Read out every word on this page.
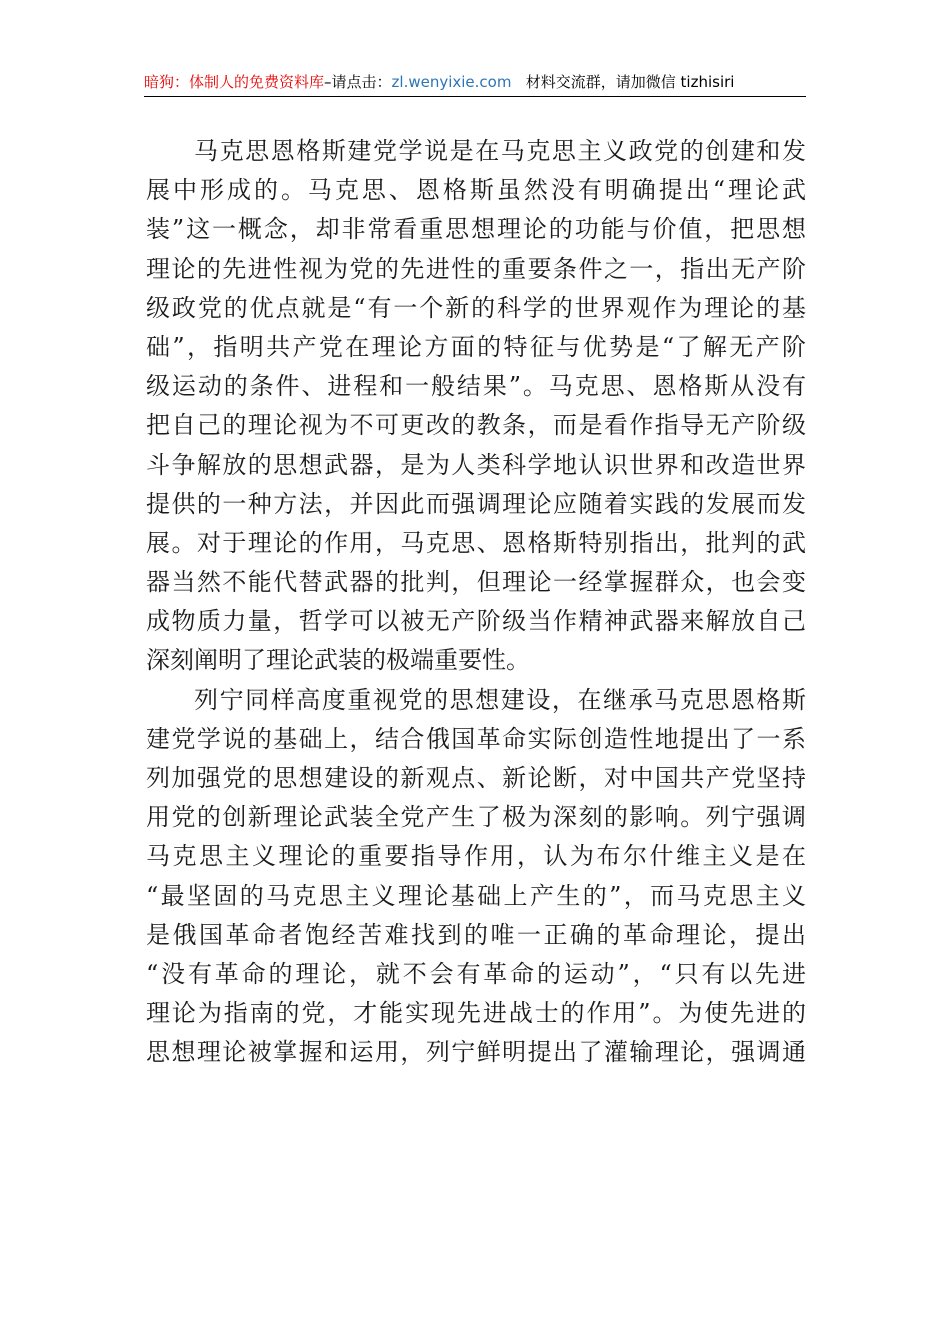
暗狗：体制人的免费资料库–请点击：zl.wenyixie.com 材料交流群，请加微信 tizhisiri
马克思恩格斯建党学说是在马克思主义政党的创建和发
展中形成的。马克思、恩格斯虽然没有明确提出“理论武
装”这一概念，却非常看重思想理论的功能与价值，把思想
理论的先进性视为党的先进性的重要条件之一，指出无产阶
级政党的优点就是“有一个新的科学的世界观作为理论的基
础”，指明共产党在理论方面的特征与优势是“了解无产阶
级运动的条件、进程和一般结果”。马克思、恩格斯从没有
把自己的理论视为不可更改的教条，而是看作指导无产阶级
斗争解放的思想武器，是为人类科学地认识世界和改造世界
提供的一种方法，并因此而强调理论应随着实践的发展而发
展。对于理论的作用，马克思、恩格斯特别指出，批判的武
器当然不能代替武器的批判，但理论一经掌握群众，也会变
成物质力量，哲学可以被无产阶级当作精神武器来解放自己
深刻阐明了理论武装的极端重要性。
列宁同样高度重视党的思想建设，在继承马克思恩格斯
建党学说的基础上，结合俄国革命实际创造性地提出了一系
列加强党的思想建设的新观点、新论断，对中国共产党坚持
用党的创新理论武装全党产生了极为深刻的影响。列宁强调
马克思主义理论的重要指导作用，认为布尔什维主义是在
“最坚固的马克思主义理论基础上产生的”，而马克思主义
是俄国革命者饱经苦难找到的唯一正确的革命理论，提出
“没有革命的理论，就不会有革命的运动”，“只有以先进
理论为指南的党，才能实现先进战士的作用”。为使先进的
思想理论被掌握和运用，列宁鲜明提出了灌输理论，强调通
